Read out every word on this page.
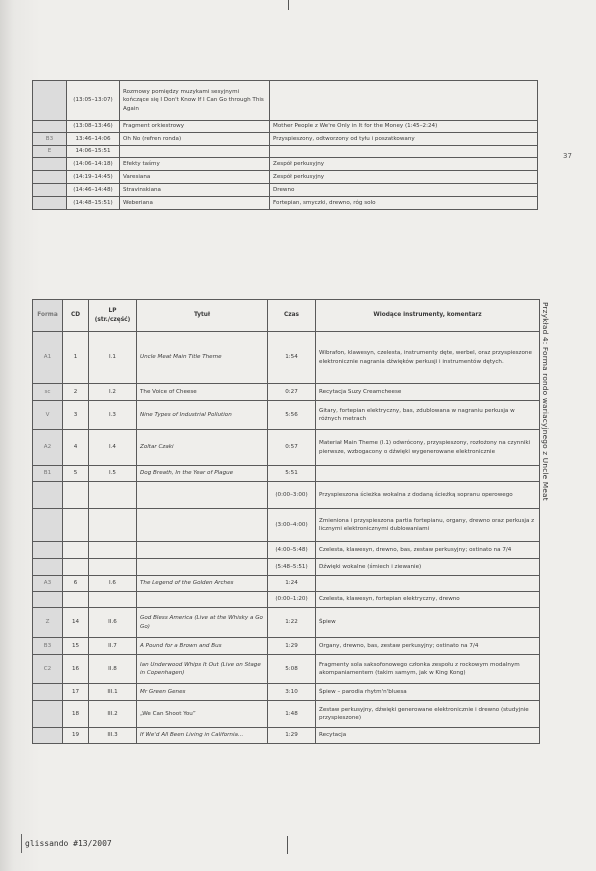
37
Przykład 4: Forma rondo wariacyjnego z Uncle Meat
	(13:05–13:07)	Rozmowy pomiędzy muzykami sesyjnymi kończące się I Don't Know If I Can Go through This Again	
	(13:08–13:46)	Fragment orkiestrowy	Mother People z We're Only in It for the Money (1:45–2:24)
B3	13:46–14:06	Oh No (refren ronda)	Przyspieszony, odtworzony od tyłu i poszatkowany
E	14:06–15:51		
	(14:06–14:18)	Efekty taśmy	Zespół perkusyjny
	(14:19–14:45)	Varesiana	Zespół perkusyjny
	(14:46–14:48)	Stravinskiana	Drewno
	(14:48–15:51)	Weberiana	Fortepian, smyczki, drewno, róg solo
Forma	CD	LP (str./część)	Tytuł	Czas	Wiodące instrumenty, komentarz
A1	1	I.1	Uncle Meat Main Title Theme	1:54	Wibrafon, klawesyn, czelesta, instrumenty dęte, werbel, oraz przyspieszone elektronicznie nagrania dźwięków perkusji i instrumentów dętych.
sc	2	I.2	The Voice of Cheese	0:27	Recytacja Suzy Creamcheese
V	3	I.3	Nine Types of Industrial Pollution	5:56	Gitary, fortepian elektryczny, bas, zdublowana w nagraniu perkusja w różnych metrach
A2	4	I.4	Zoltar Czaki	0:57	Materiał Main Theme (I.1) odwrócony, przyspieszony, rozłożony na czynniki pierwsze, wzbogacony o dźwięki wygenerowane elektronicznie
B1	5	I.5	Dog Breath, In the Year of Plague	5:51	
				(0:00–3:00)	Przyspieszona ścieżka wokalna z dodaną ścieżką sopranu operowego
				(3:00–4:00)	Zmieniona i przyspieszona partia fortepianu, organy, drewno oraz perkusja z licznymi elektronicznymi dublowaniami
				(4:00–5:48)	Czelesta, klawesyn, drewno, bas, zestaw perkusyjny; ostinato na 7/4
				(5:48–5:51)	Dźwięki wokalne (śmiech i ziewanie)
A3	6	I.6	The Legend of the Golden Arches	1:24	
				(0:00–1:20)	Czelesta, klawesyn, fortepian elektryczny, drewno
Z	14	II.6	God Bless America (Live at the Whisky a Go Go)	1:22	Śpiew
B3	15	II.7	A Pound for a Brown and Bus	1:29	Organy, drewno, bas, zestaw perkusyjny; ostinato na 7/4
C2	16	II.8	Ian Underwood Whips It Out (Live on Stage in Copenhagen)	5:08	Fragmenty sola saksofonowego członka zespołu z rockowym modalnym akompaniamentem (takim samym, jak w King Kong)
	17	III.1	Mr Green Genes	3:10	Śpiew – parodia rhytm'n'bluesa
	18	III.2	„We Can Shoot You”	1:48	Zestaw perkusyjny, dźwięki generowane elektronicznie i drewno (studyjnie przyspieszone)
	19	III.3	If We'd All Been Living in California...	1:29	Recytacja
glissando #13/2007
